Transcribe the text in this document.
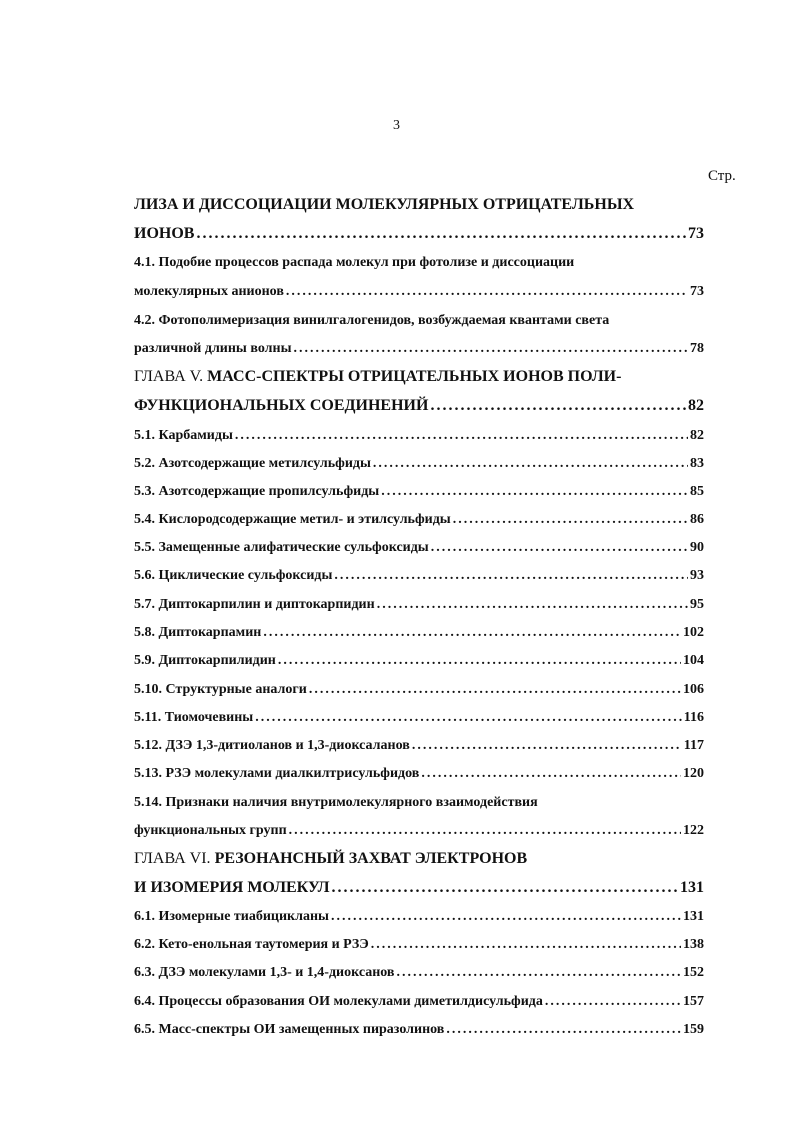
3
Стр.
ЛИЗА И ДИССОЦИАЦИИ МОЛЕКУЛЯРНЫХ ОТРИЦАТЕЛЬНЫХ
ИОНОВ .....	73
4.1. Подобие процессов распада молекул при фотолизе и диссоциации
молекулярных анионов .....	73
4.2. Фотополимеризация винилгалогенидов, возбуждаемая квантами света
различной длины волны .....	78
ГЛАВА V. МАСС-СПЕКТРЫ ОТРИЦАТЕЛЬНЫХ ИОНОВ ПОЛИ-
ФУНКЦИОНАЛЬНЫХ СОЕДИНЕНИЙ .....	82
5.1. Карбамиды .....	82
5.2. Азотсодержащие метилсульфиды .....	83
5.3. Азотсодержащие пропилсульфиды .....	85
5.4. Кислородсодержащие метил- и этилсульфиды .....	86
5.5. Замещенные алифатические сульфоксиды .....	90
5.6. Циклические сульфоксиды .....	93
5.7. Диптокарпилин и диптокарпидин .....	95
5.8. Диптокарпамин .....	102
5.9. Диптокарпилидин .....	104
5.10. Структурные аналоги .....	106
5.11. Тиомочевины .....	116
5.12. ДЗЭ 1,3-дитиоланов и 1,3-диоксаланов .....	117
5.13. РЗЭ молекулами диалкилтрисульфидов .....	120
5.14. Признаки наличия внутримолекулярного взаимодействия
функциональных групп .....	122
ГЛАВА VI. РЕЗОНАНСНЫЙ ЗАХВАТ ЭЛЕКТРОНОВ
И ИЗОМЕРИЯ МОЛЕКУЛ .....	131
6.1. Изомерные тиабициклaны .....	131
6.2. Кето-енольная таутомерия и РЗЭ .....	138
6.3. ДЗЭ молекулами 1,3- и 1,4-диоксанов .....	152
6.4. Процессы образования ОИ молекулами диметилдисульфида .....	157
6.5. Масс-спектры ОИ замещенных пиразолинов .....	159
